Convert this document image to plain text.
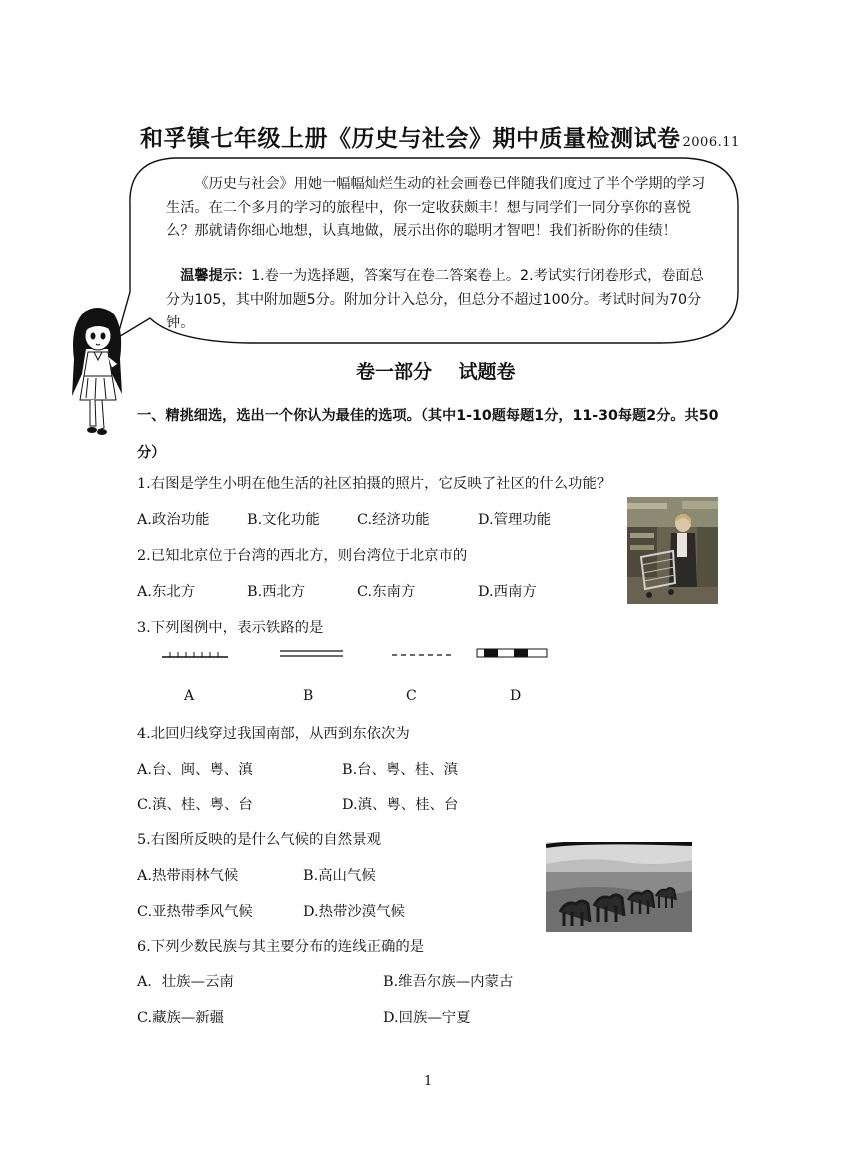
和孚镇七年级上册《历史与社会》期中质量检测试卷 2006.11
《历史与社会》用她一幅幅灿烂生动的社会画卷已伴随我们度过了半个学期的学习生活。在二个多月的学习的旅程中，你一定收获颇丰！想与同学们一同分享你的喜悦么？那就请你细心地想，认真地做，展示出你的聪明才智吧！我们祈盼你的佳绩！
温馨提示：1.卷一为选择题，答案写在卷二答案卷上。2.考试实行闭卷形式，卷面总分为105，其中附加题5分。附加分计入总分，但总分不超过100分。考试时间为70分钟。
卷一部分    试题卷
一、精挑细选，选出一个你认为最佳的选项。（其中1-10题每题1分，11-30每题2分。共50分）
1.右图是学生小明在他生活的社区拍摄的照片，它反映了社区的什么功能？
A.政治功能	B.文化功能	C.经济功能	D.管理功能
2.已知北京位于台湾的西北方，则台湾位于北京市的
A.东北方	B.西北方	C.东南方	D.西南方
3.下列图例中，表示铁路的是
A	B	C	D
4.北回归线穿过我国南部，从西到东依次为
A.台、闽、粤、滇	B.台、粤、桂、滇
C.滇、桂、粤、台	D.滇、粤、桂、台
5.右图所反映的是什么气候的自然景观
A.热带雨林气候	B.高山气候
C.亚热带季风气候	D.热带沙漠气候
6.下列少数民族与其主要分布的连线正确的是
A．壮族—云南	B.维吾尔族—内蒙古
C.藏族—新疆	D.回族—宁夏
1
